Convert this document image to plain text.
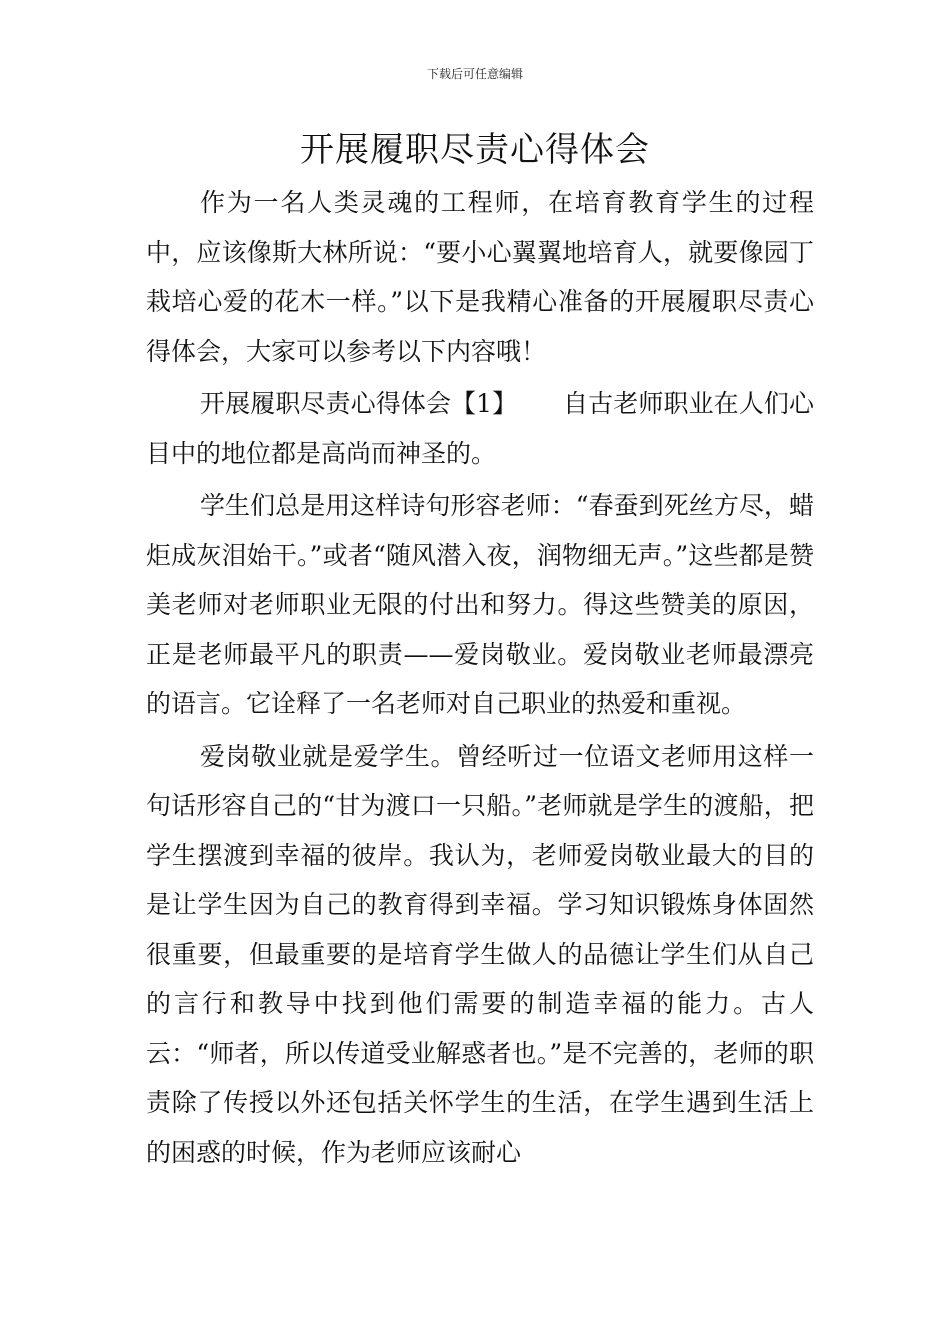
下载后可任意编辑
开展履职尽责心得体会

作为一名人类灵魂的工程师，在培育教育学生的过程中，应该像斯大林所说：“要小心翼翼地培育人，就要像园丁栽培心爱的花木一样。”以下是我精心准备的开展履职尽责心得体会，大家可以参考以下内容哦！

开展履职尽责心得体会【1】　　 自古老师职业在人们心目中的地位都是高尚而神圣的。

学生们总是用这样诗句形容老师：“春蚕到死丝方尽，蜡炬成灰泪始干。”或者“随风潜入夜，润物细无声。”这些都是赞美老师对老师职业无限的付出和努力。得这些赞美的原因，正是老师最平凡的职责——爱岗敬业。爱岗敬业老师最漂亮的语言。它诠释了一名老师对自己职业的热爱和重视。

爱岗敬业就是爱学生。曾经听过一位语文老师用这样一句话形容自己的“甘为渡口一只船。”老师就是学生的渡船，把学生摆渡到幸福的彼岸。我认为，老师爱岗敬业最大的目的是让学生因为自己的教育得到幸福。学习知识锻炼身体固然很重要，但最重要的是培育学生做人的品德让学生们从自己的言行和教导中找到他们需要的制造幸福的能力。古人云：“师者，所以传道受业解惑者也。”是不完善的，老师的职责除了传授以外还包括关怀学生的生活，在学生遇到生活上的困惑的时候，作为老师应该耐心
